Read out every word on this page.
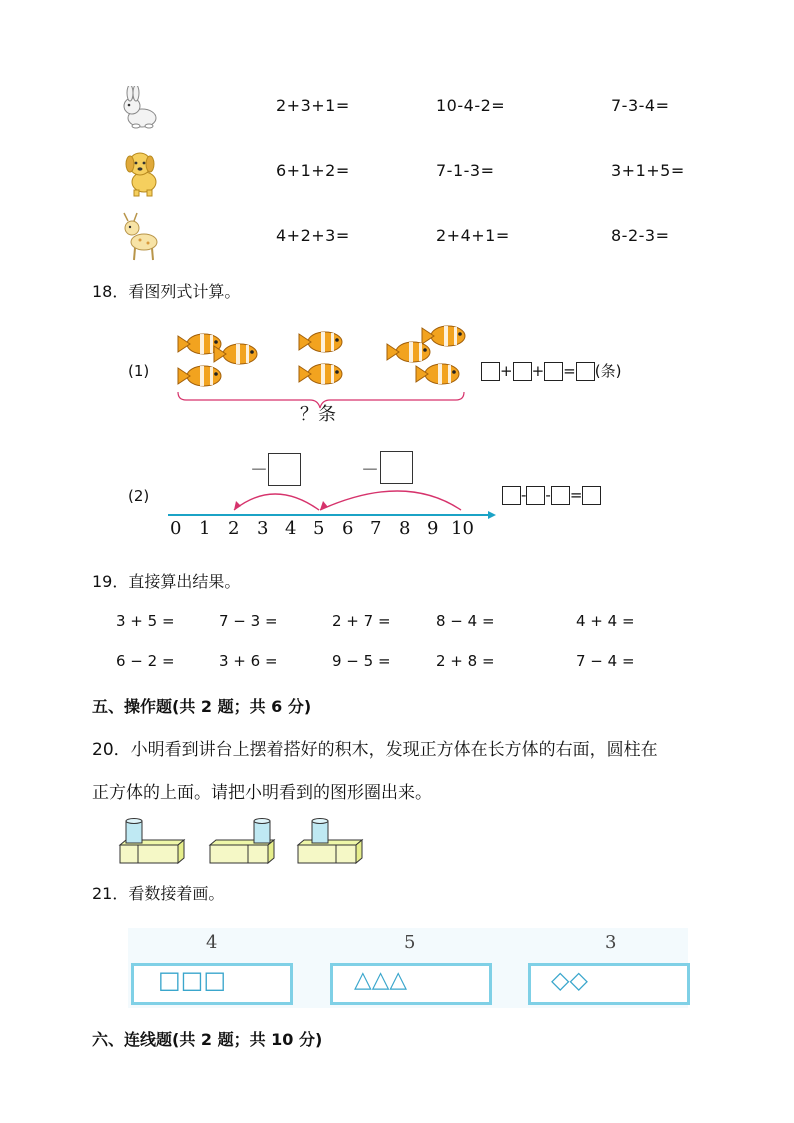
2+3+1=	10-4-2=	7-3-4=
6+1+2=	7-1-3=	3+1+5=
4+2+3=	2+4+1=	8-2-3=
18．看图列式计算。
(1)
？条
+ + = (条)
(2)
－	－
0 1 2 3 4 5 6 7 8 9 10
- - =
19．直接算出结果。
3 + 5 =	7 − 3 =	2 + 7 =	8 − 4 =	4 + 4 =
6 − 2 =	3 + 6 =	9 − 5 =	2 + 8 =	7 − 4 =
五、操作题(共 2 题；共 6 分)
20．小明看到讲台上摆着搭好的积木，发现正方体在长方体的右面，圆柱在
正方体的上面。请把小明看到的图形圈出来。
21．看数接着画。
4	5	3
□□□	△△△	◇◇
六、连线题(共 2 题；共 10 分)
